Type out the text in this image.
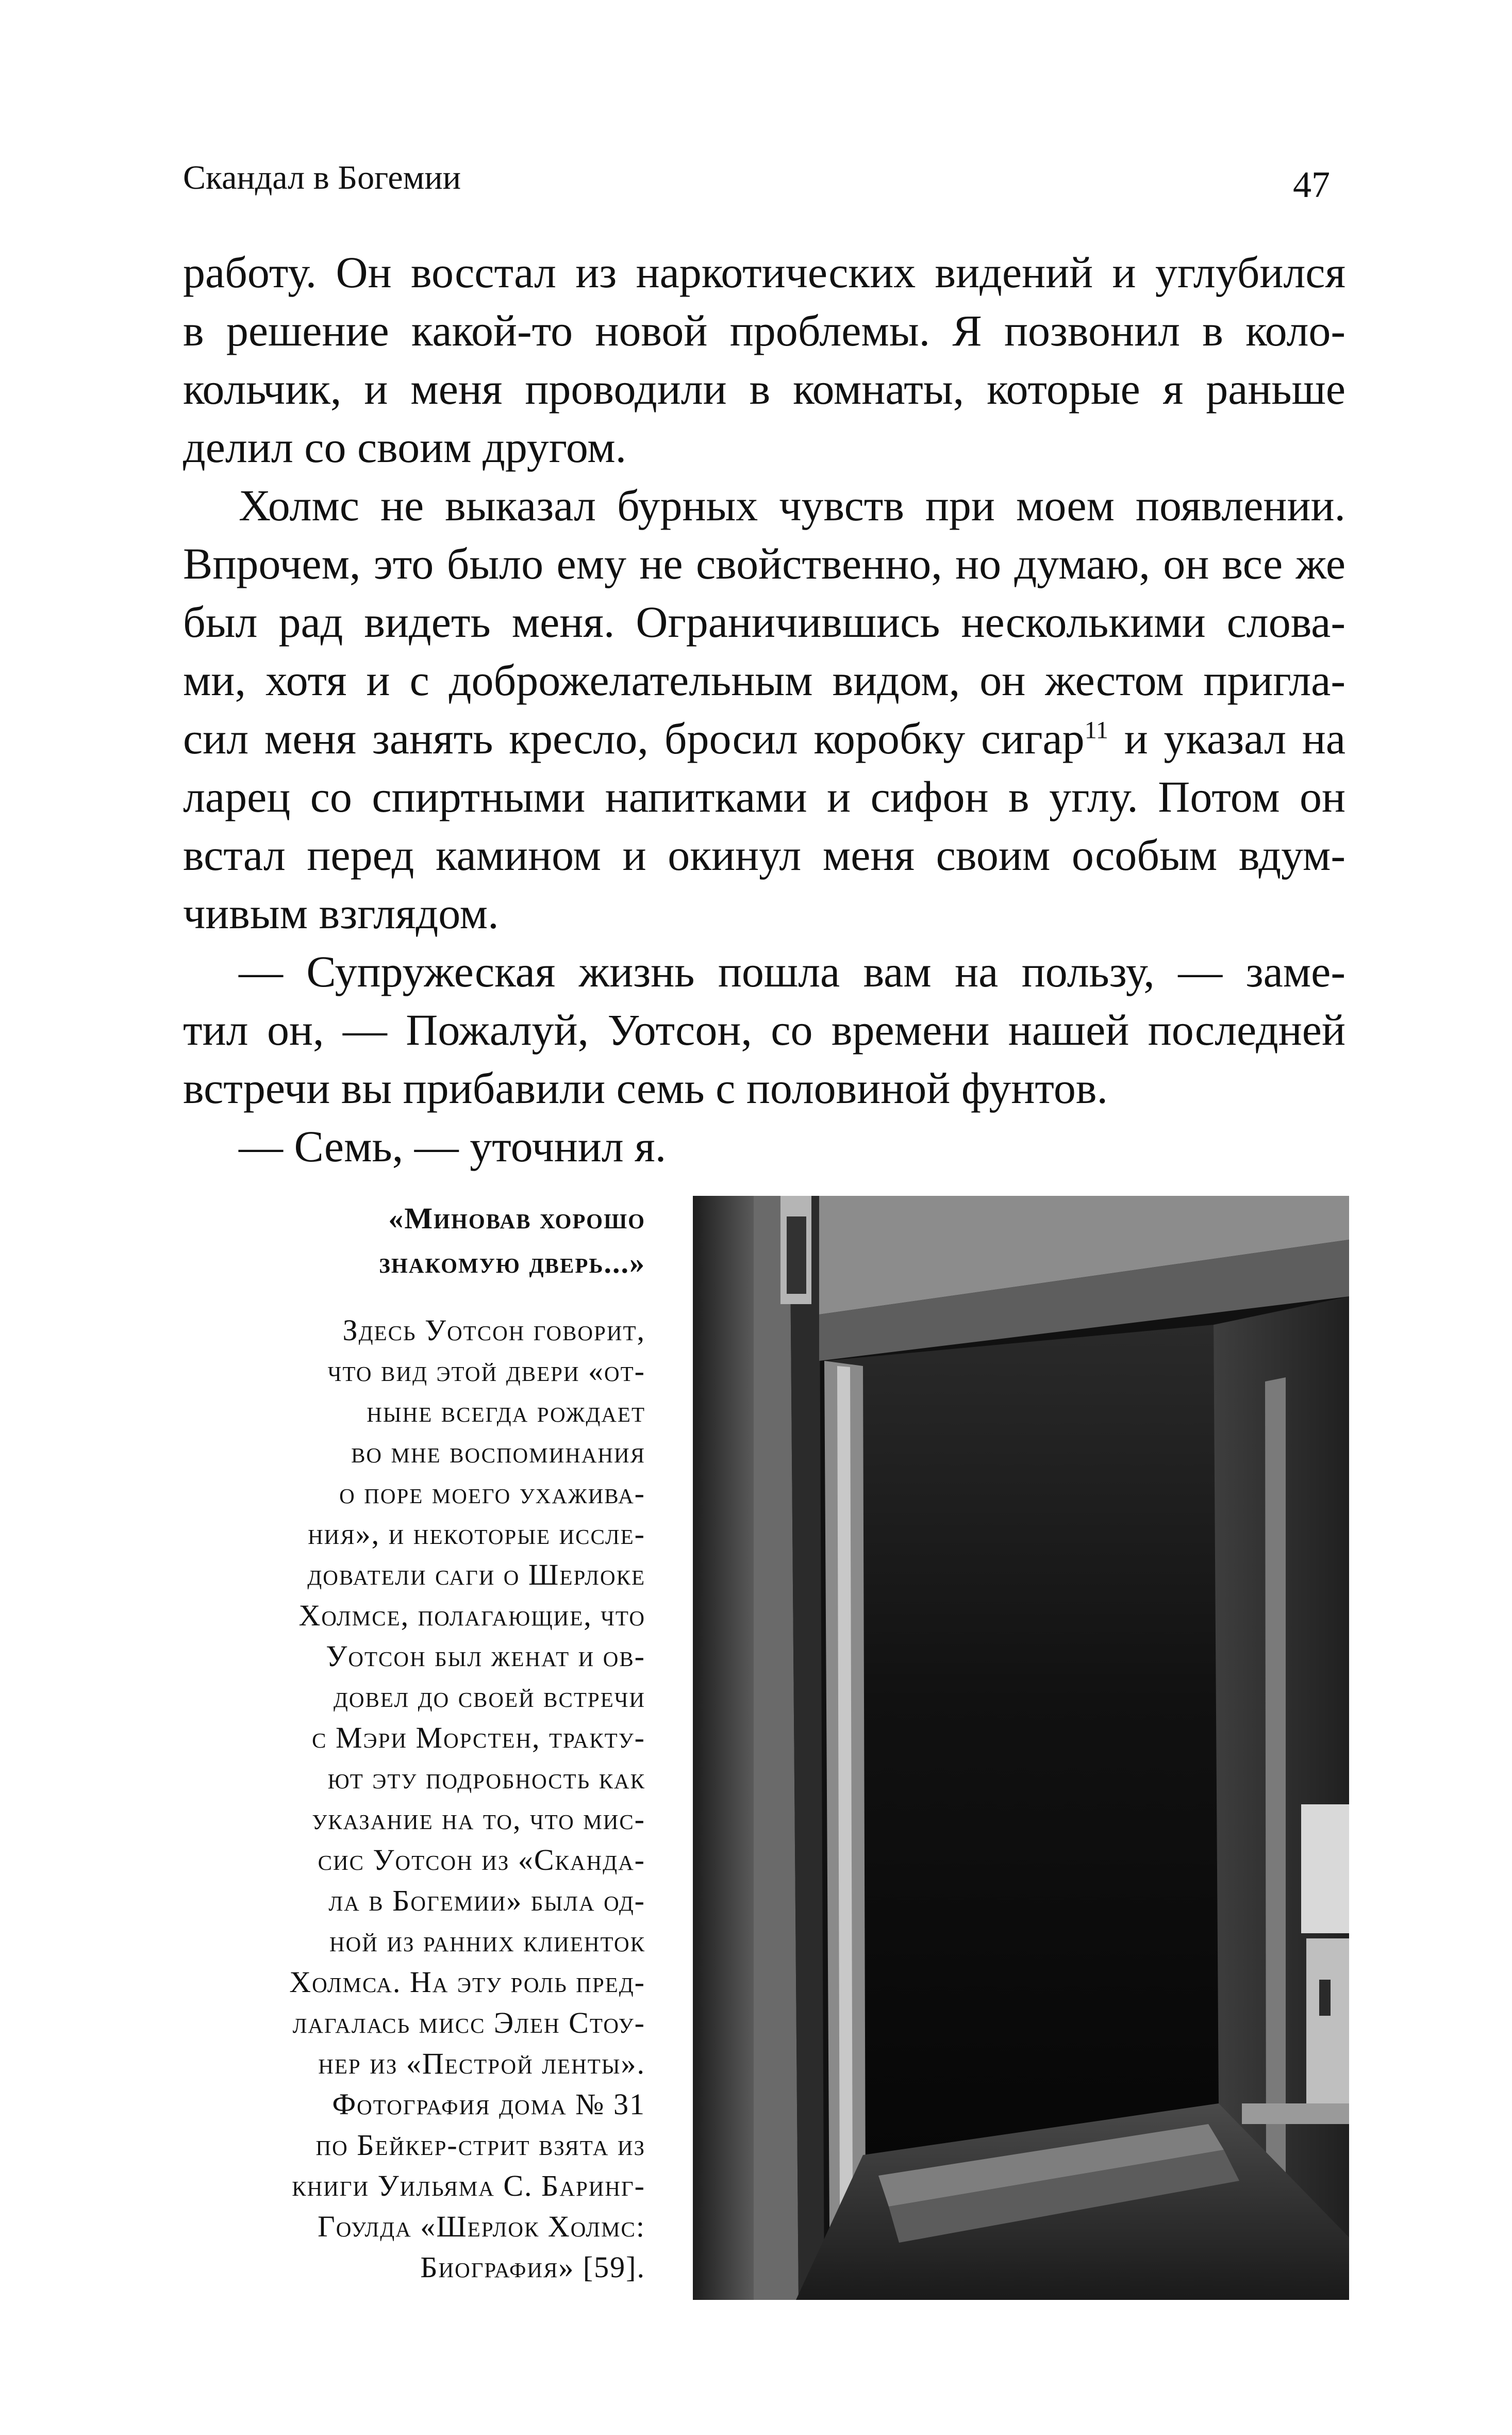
Скандал в Богемии	47
работу. Он восстал из наркотических видений и углубился
в решение какой-то новой проблемы. Я позвонил в коло-
кольчик, и меня проводили в комнаты, которые я раньше
делил со своим другом.
Холмс не выказал бурных чувств при моем появлении.
Впрочем, это было ему не свойственно, но думаю, он все же
был рад видеть меня. Ограничившись несколькими слова-
ми, хотя и с доброжелательным видом, он жестом пригла-
сил меня занять кресло, бросил коробку сигар$^{11}$ и указал на
ларец со спиртными напитками и сифон в углу. Потом он
встал перед камином и окинул меня своим особым вдум-
чивым взглядом.
— Супружеская жизнь пошла вам на пользу, — заме-
тил он, — Пожалуй, Уотсон, со времени нашей последней
встречи вы прибавили семь с половиной фунтов.
— Семь, — уточнил я.
«Миновав хорошо
знакомую дверь...»
Здесь Уотсон говорит,
что вид этой двери «от-
ныне всегда рождает
во мне воспоминания
о поре моего ухажива-
ния», и некоторые иссле-
дователи саги о Шерлоке
Холмсе, полагающие, что
Уотсон был женат и ов-
довел до своей встречи
с Мэри Морстен, тракту-
ют эту подробность как
указание на то, что мис-
сис Уотсон из «Сканда-
ла в Богемии» была од-
ной из ранних клиенток
Холмса. На эту роль пред-
лагалась мисс Элен Стоу-
нер из «Пестрой ленты».
Фотография дома № 31
по Бейкер-стрит взята из
книги Уильяма С. Баринг-
Гоулда «Шерлок Холмс:
Биография» [59].
